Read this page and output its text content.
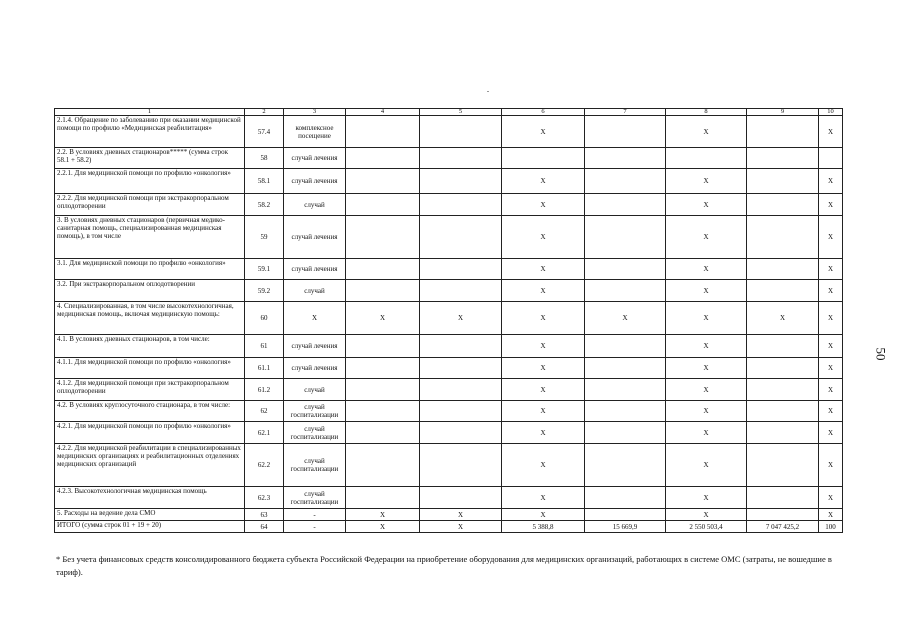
1	2	3	4	5	6	7	8	9	10
2.1.4. Обращение по заболеванию при оказании медицинской помощи по профилю «Медицинская реабилитация»	57.4	комплексное посещение			X		X		X
2.2. В условиях дневных стационаров***** (сумма строк 58.1 + 58.2)	58	случай лечения							
2.2.1. Для медицинской помощи по профилю «онкология»	58.1	случай лечения			X		X		X
2.2.2. Для медицинской помощи при экстракорпоральном оплодотворении	58.2	случай			X		X		X
3. В условиях дневных стационаров (первичная медико-санитарная помощь, специализированная медицинская помощь), в том числе	59	случай лечения			X		X		X
3.1. Для медицинской помощи по профилю «онкология»	59.1	случай лечения			X		X		X
3.2. При экстракорпоральном оплодотворении	59.2	случай			X		X		X
4. Специализированная, в том числе высокотехнологичная, медицинская помощь, включая медицинскую помощь:	60	X	X	X	X	X	X	X	X
4.1. В условиях дневных стационаров, в том числе:	61	случай лечения			X		X		X
4.1.1. Для медицинской помощи по профилю «онкология»	61.1	случай лечения			X		X		X
4.1.2. Для медицинской помощи при экстракорпоральном оплодотворении	61.2	случай			X		X		X
4.2. В условиях круглосуточного стационара, в том числе:	62	случай госпитализации			X		X		X
4.2.1. Для медицинской помощи по профилю «онкология»	62.1	случай госпитализации			X		X		X
4.2.2. Для медицинской реабилитации в специализированных медицинских организациях и реабилитационных отделениях медицинских организаций	62.2	случай госпитализации			X		X		X
4.2.3. Высокотехнологичная медицинская помощь	62.3	случай госпитализации			X		X		X
5. Расходы на ведение дела СМО	63	-	X	X	X		X		X
ИТОГО (сумма строк 01 + 19 + 20)	64	-	X	X	5 388,8	15 669,9	2 550 503,4	7 047 425,2	100
* Без учета финансовых средств консолидированного бюджета субъекта Российской Федерации на приобретение оборудования для медицинских организаций, работающих в системе ОМС (затраты, не вошедшие в тариф).
50
